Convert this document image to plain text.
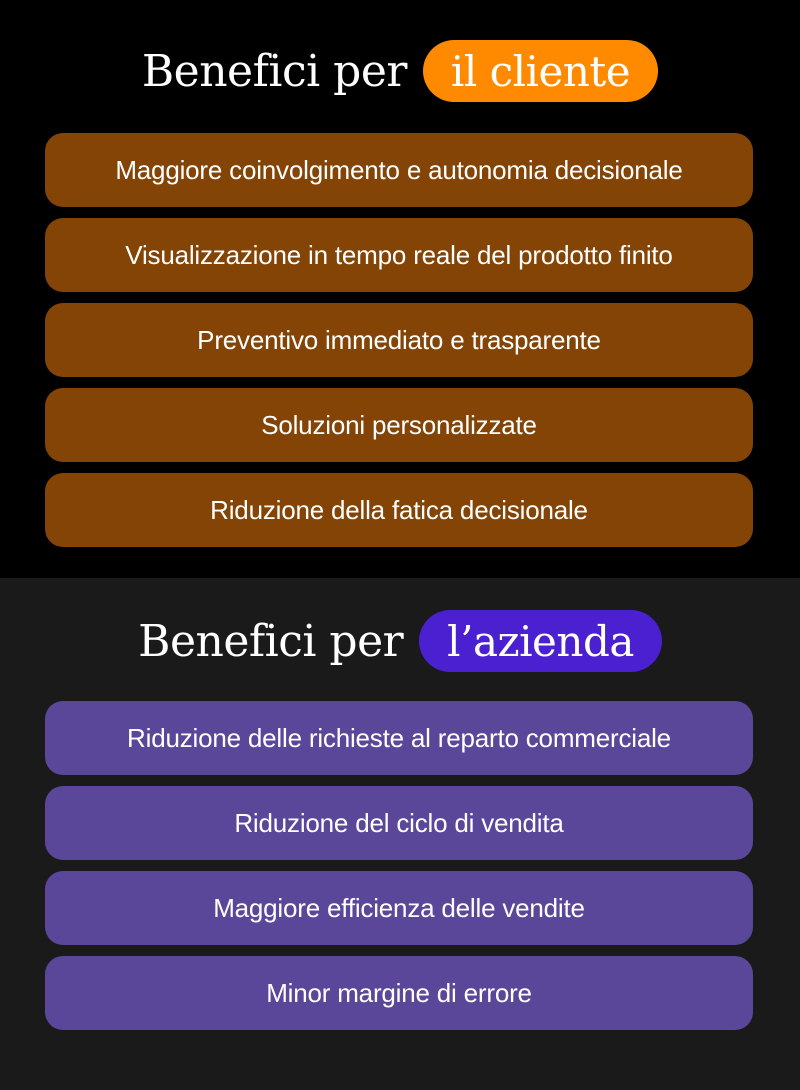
Benefici per	il cliente
Maggiore coinvolgimento e autonomia decisionale
Visualizzazione in tempo reale del prodotto finito
Preventivo immediato e trasparente
Soluzioni personalizzate
Riduzione della fatica decisionale
Benefici per	l’azienda
Riduzione delle richieste al reparto commerciale
Riduzione del ciclo di vendita
Maggiore efficienza delle vendite
Minor margine di errore
